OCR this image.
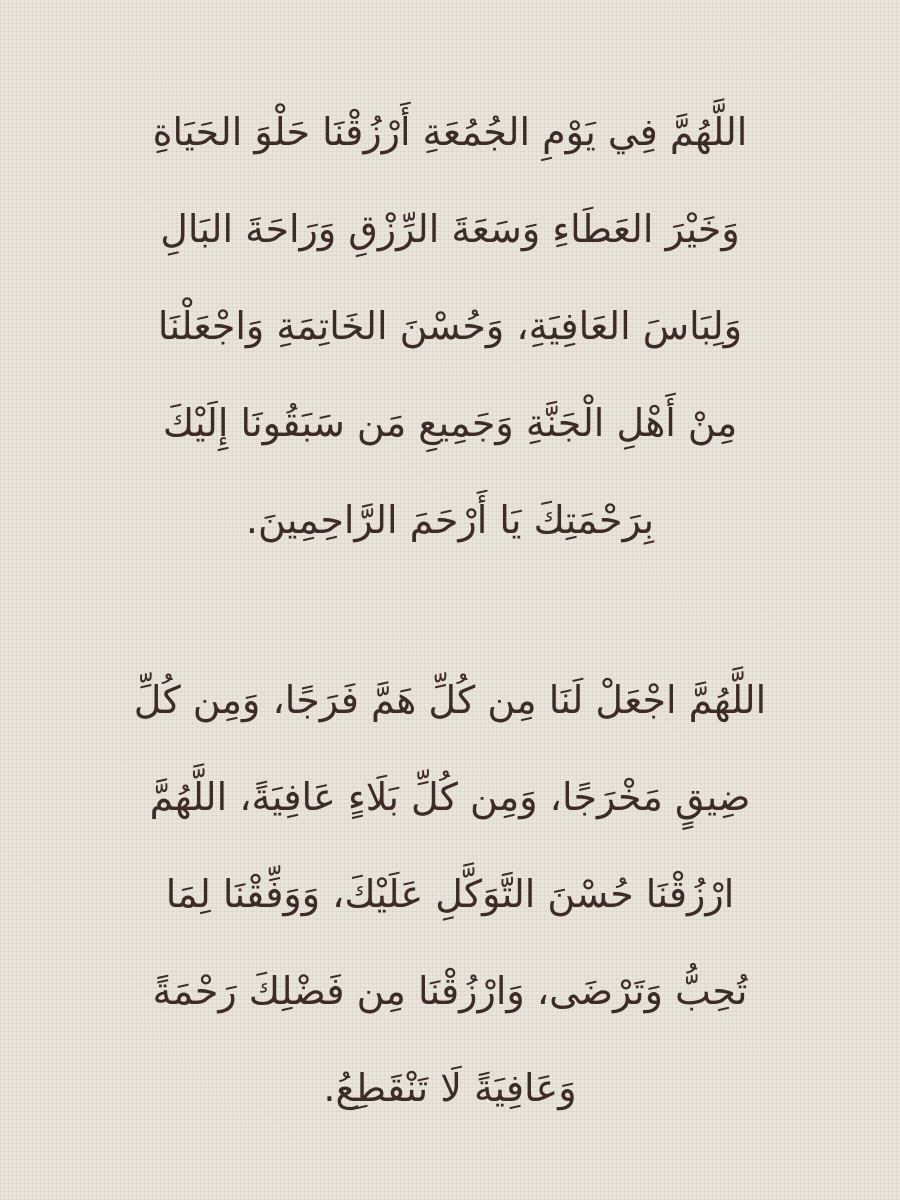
اللَّهُمَّ فِي يَوْمِ الجُمُعَةِ أَرْزُقْنَا حَلْوَ الحَيَاةِ
وَخَيْرَ العَطَاءِ وَسَعَةَ الرِّزْقِ وَرَاحَةَ البَالِ
وَلِبَاسَ العَافِيَةِ، وَحُسْنَ الخَاتِمَةِ وَاجْعَلْنَا
مِنْ أَهْلِ الْجَنَّةِ وَجَمِيعِ مَن سَبَقُونَا إِلَيْكَ
بِرَحْمَتِكَ يَا أَرْحَمَ الرَّاحِمِينَ.
اللَّهُمَّ اجْعَلْ لَنَا مِن كُلِّ هَمَّ فَرَجًا، وَمِن كُلِّ
ضِيقٍ مَخْرَجًا، وَمِن كُلِّ بَلَاءٍ عَافِيَةً، اللَّهُمَّ
ارْزُقْنَا حُسْنَ التَّوَكَّلِ عَلَيْكَ، وَوَفِّقْنَا لِمَا
تُحِبُّ وَتَرْضَى، وَارْزُقْنَا مِن فَضْلِكَ رَحْمَةً
وَعَافِيَةً لَا تَنْقَطِعُ.
